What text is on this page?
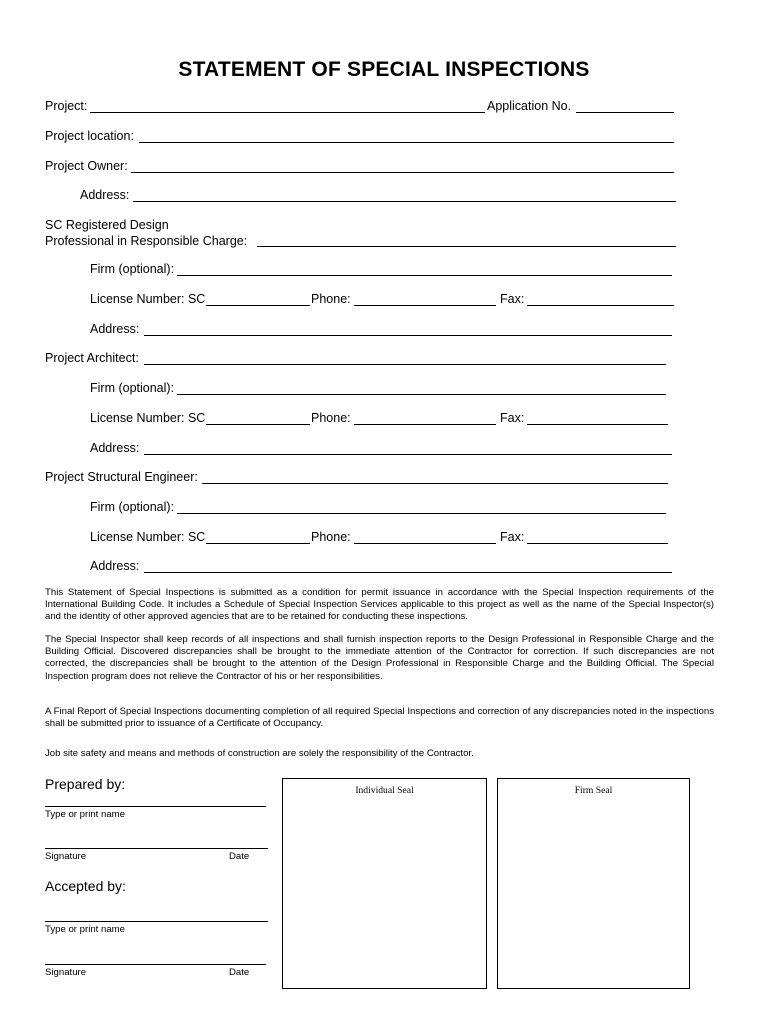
STATEMENT OF SPECIAL INSPECTIONS
Project:	Application No.
Project location:
Project Owner:
Address:
SC Registered Design
Professional in Responsible Charge:
Firm (optional):
License Number: SC	Phone:	Fax:
Address:
Project Architect:
Firm (optional):
License Number: SC	Phone:	Fax:
Address:
Project Structural Engineer:
Firm (optional):
License Number: SC	Phone:	Fax:
Address:
This Statement of Special Inspections is submitted as a condition for permit issuance in accordance with the Special Inspection requirements of the International Building Code. It includes a Schedule of Special Inspection Services applicable to this project as well as the name of the Special Inspector(s) and the identity of other approved agencies that are to be retained for conducting these inspections.
The Special Inspector shall keep records of all inspections and shall furnish inspection reports to the Design Professional in Responsible Charge and the Building Official. Discovered discrepancies shall be brought to the immediate attention of the Contractor for correction. If such discrepancies are not corrected, the discrepancies shall be brought to the attention of the Design Professional in Responsible Charge and the Building Official. The Special Inspection program does not relieve the Contractor of his or her responsibilities.
A Final Report of Special Inspections documenting completion of all required Special Inspections and correction of any discrepancies noted in the inspections shall be submitted prior to issuance of a Certificate of Occupancy.
Job site safety and means and methods of construction are solely the responsibility of the Contractor.
Prepared by:
Type or print name
Signature	Date
Accepted by:
Type or print name
Signature	Date
Individual Seal	Firm Seal
